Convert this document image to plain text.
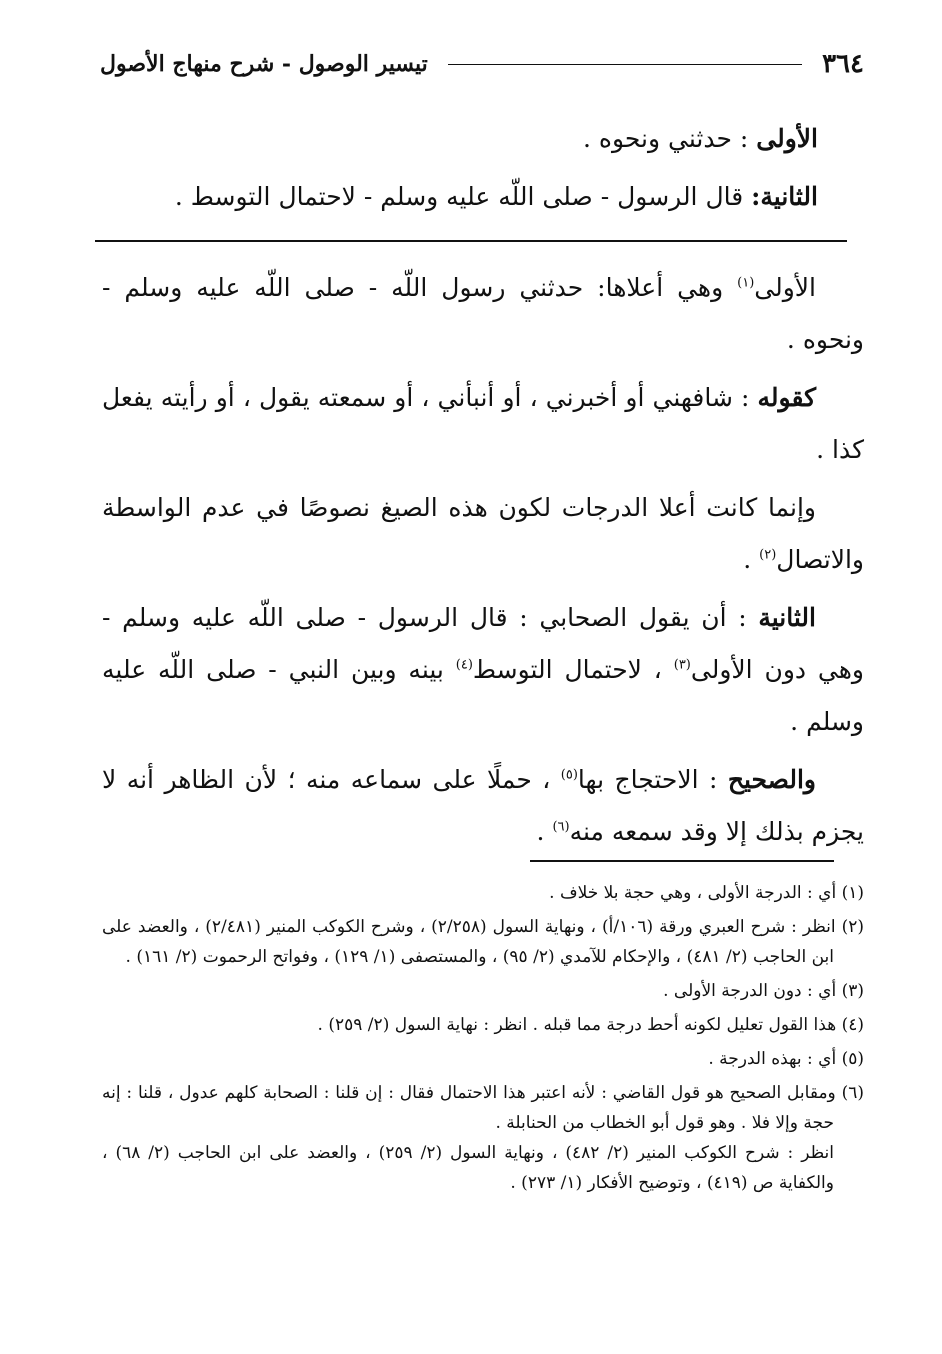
٣٦٤
تيسير الوصول - شرح منهاج الأصول
الأولى : حدثني ونحوه .
الثانية: قال الرسول - صلى اللّه عليه وسلم - لاحتمال التوسط .

الأولى$^{(١)}$ وهي أعلاها: حدثني رسول اللّه - صلى اللّه عليه وسلم - ونحوه .

كقوله : شافهني أو أخبرني ، أو أنبأني ، أو سمعته يقول ، أو رأيته يفعل كذا .

وإنما كانت أعلا الدرجات لكون هذه الصيغ نصوصًا في عدم الواسطة والاتصال$^{(٢)}$ .

الثانية : أن يقول الصحابي : قال الرسول - صلى اللّه عليه وسلم - وهي دون الأولى$^{(٣)}$ ، لاحتمال التوسط$^{(٤)}$ بينه وبين النبي - صلى اللّه عليه وسلم .

والصحيح : الاحتجاج بها$^{(٥)}$ ، حملًا على سماعه منه ؛ لأن الظاهر أنه لا يجزم بذلك إلا وقد سمعه منه$^{(٦)}$ .

(١) أي : الدرجة الأولى ، وهي حجة بلا خلاف .

(٢) انظر : شرح العبري ورقة (١٠٦/أ) ، ونهاية السول (٢/٢٥٨) ، وشرح الكوكب المنير (٢/٤٨١) ، والعضد على ابن الحاجب (٢/ ٤٨١) ، والإحكام للآمدي (٢/ ٩٥) ، والمستصفى (١/ ١٢٩) ، وفواتح الرحموت (٢/ ١٦١) .

(٣) أي : دون الدرجة الأولى .

(٤) هذا القول تعليل لكونه أحط درجة مما قبله . انظر : نهاية السول (٢/ ٢٥٩) .

(٥) أي : بهذه الدرجة .

(٦) ومقابل الصحيح هو قول القاضي : لأنه اعتبر هذا الاحتمال فقال : إن قلنا : الصحابة كلهم عدول ، قلنا : إنه حجة وإلا فلا . وهو قول أبو الخطاب من الحنابلة .
انظر : شرح الكوكب المنير (٢/ ٤٨٢) ، ونهاية السول (٢/ ٢٥٩) ، والعضد على ابن الحاجب (٢/ ٦٨) ، والكفاية ص (٤١٩) ، وتوضيح الأفكار (١/ ٢٧٣) .
